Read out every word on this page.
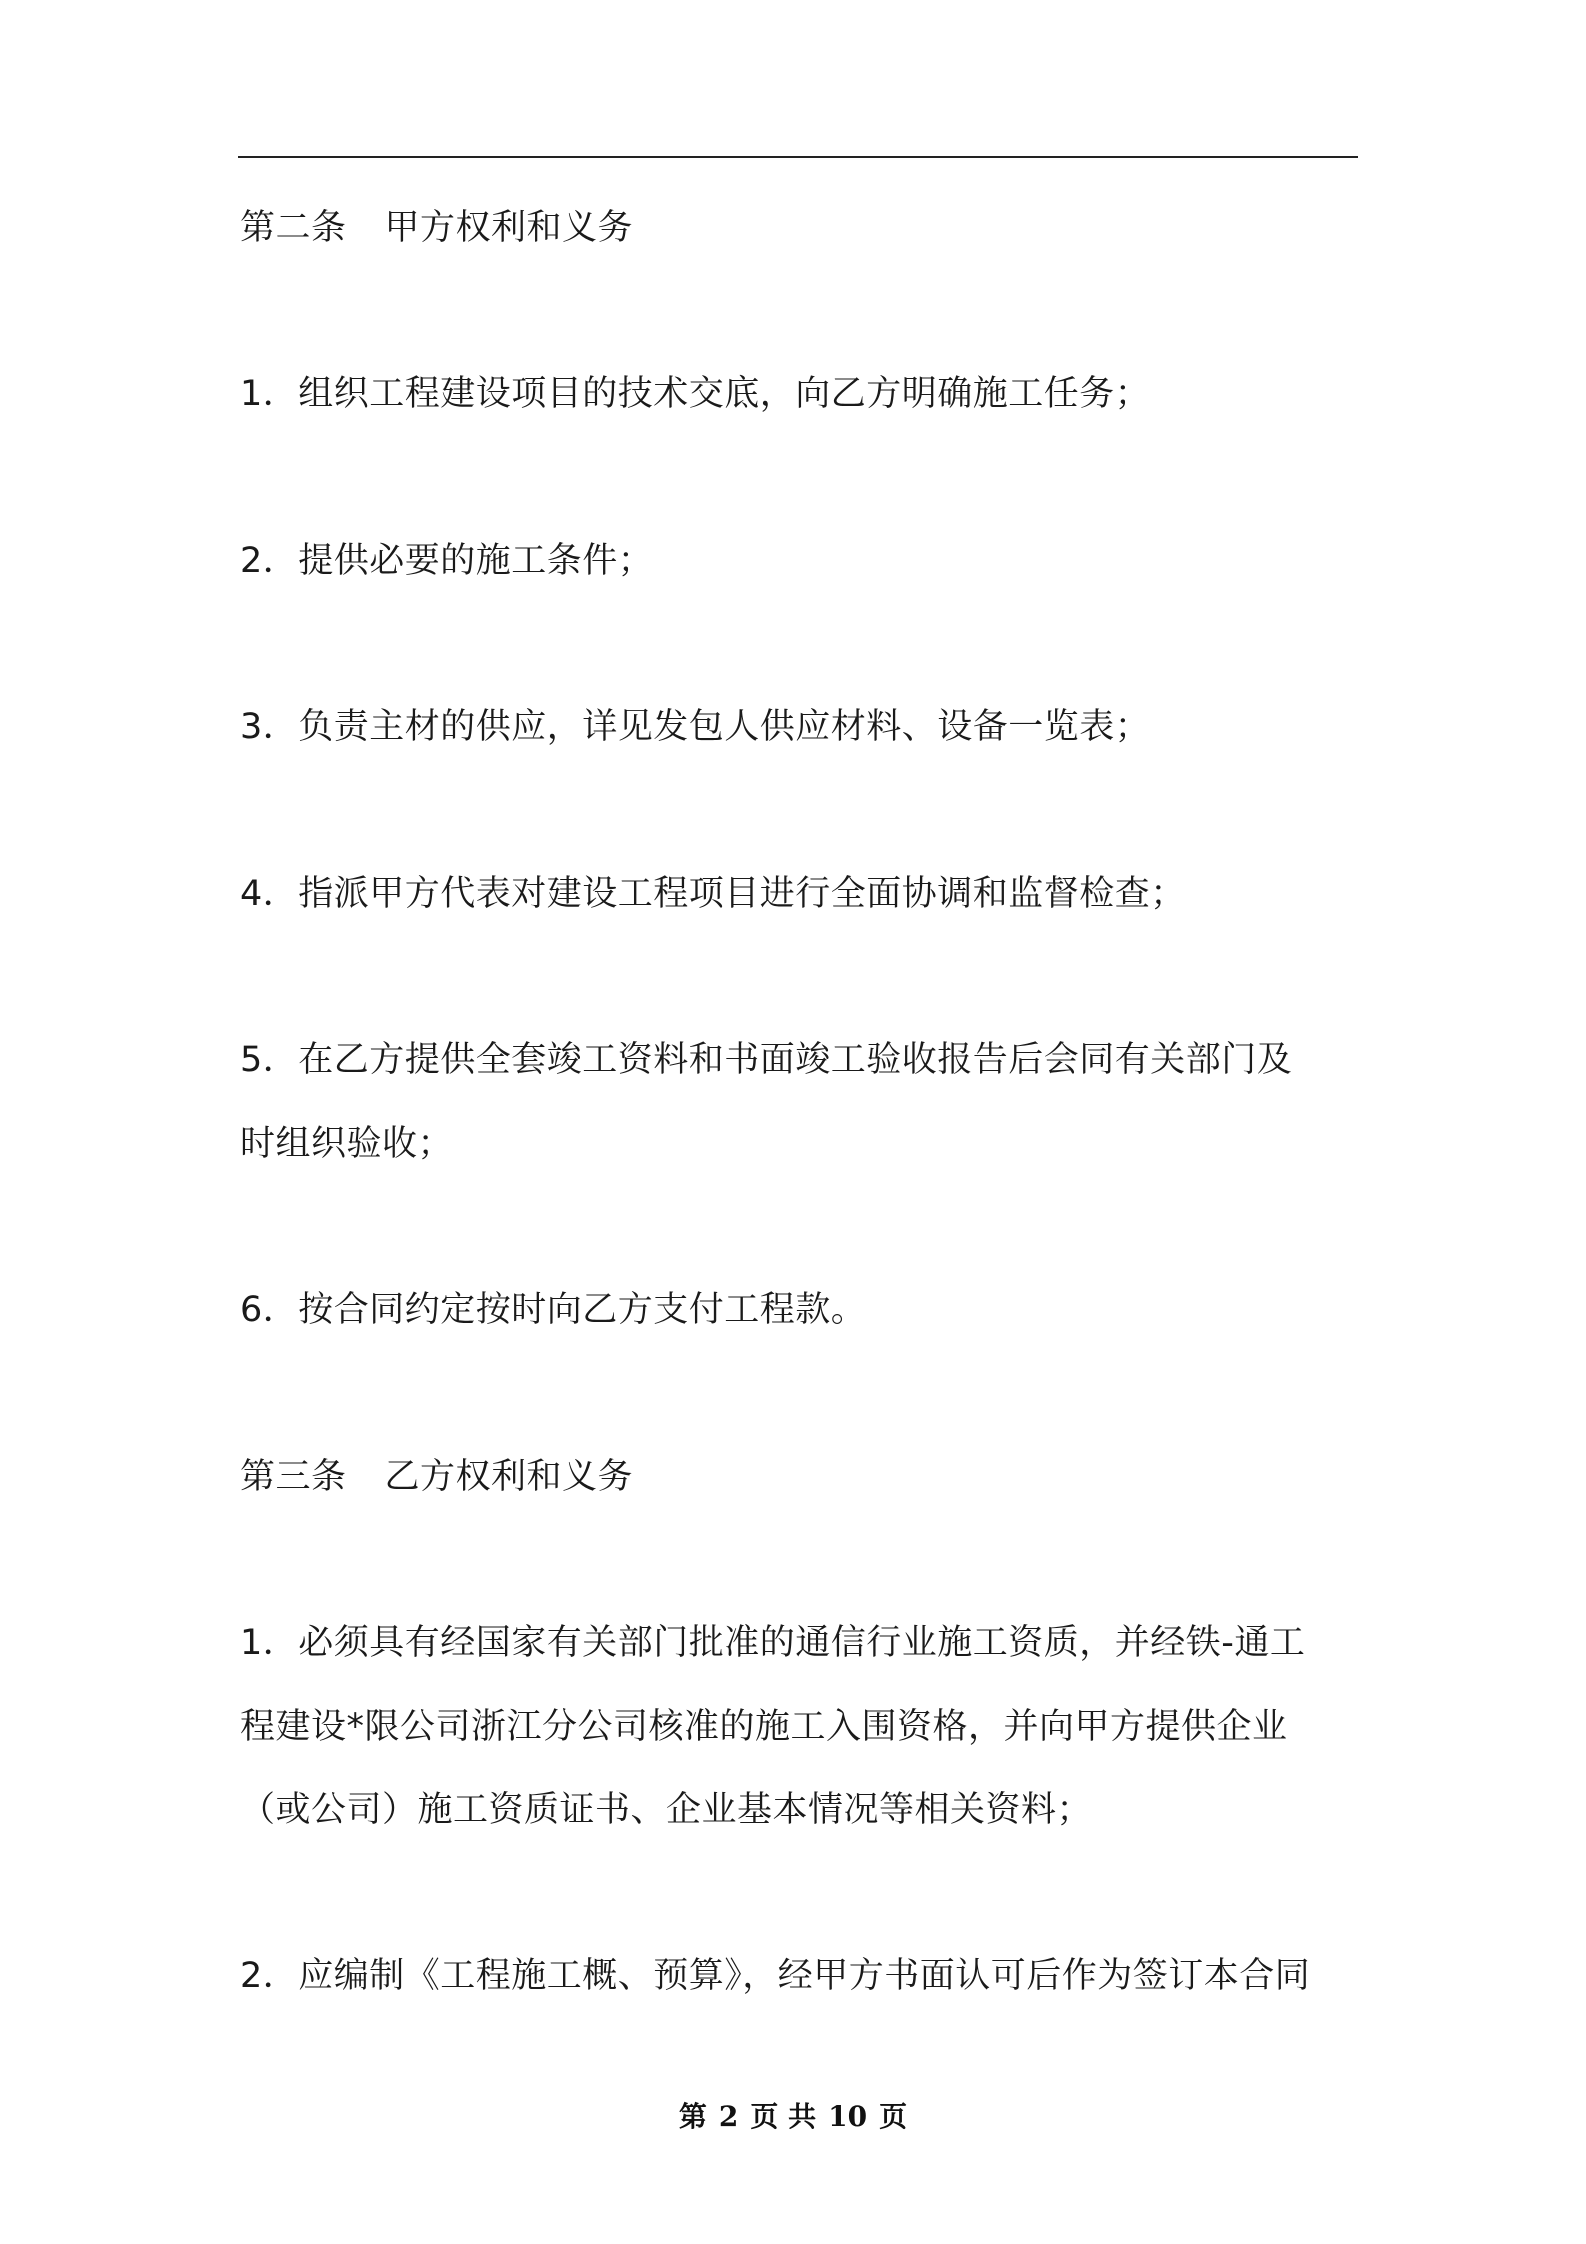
第二条 甲方权利和义务
1．组织工程建设项目的技术交底，向乙方明确施工任务；
2．提供必要的施工条件；
3．负责主材的供应，详见发包人供应材料、设备一览表；
4．指派甲方代表对建设工程项目进行全面协调和监督检查；
5．在乙方提供全套竣工资料和书面竣工验收报告后会同有关部门及
时组织验收；
6．按合同约定按时向乙方支付工程款。
第三条 乙方权利和义务
1．必须具有经国家有关部门批准的通信行业施工资质，并经铁-通工
程建设*限公司浙江分公司核准的施工入围资格，并向甲方提供企业
（或公司）施工资质证书、企业基本情况等相关资料；
2．应编制《工程施工概、预算》，经甲方书面认可后作为签订本合同
第 2 页 共 10 页
